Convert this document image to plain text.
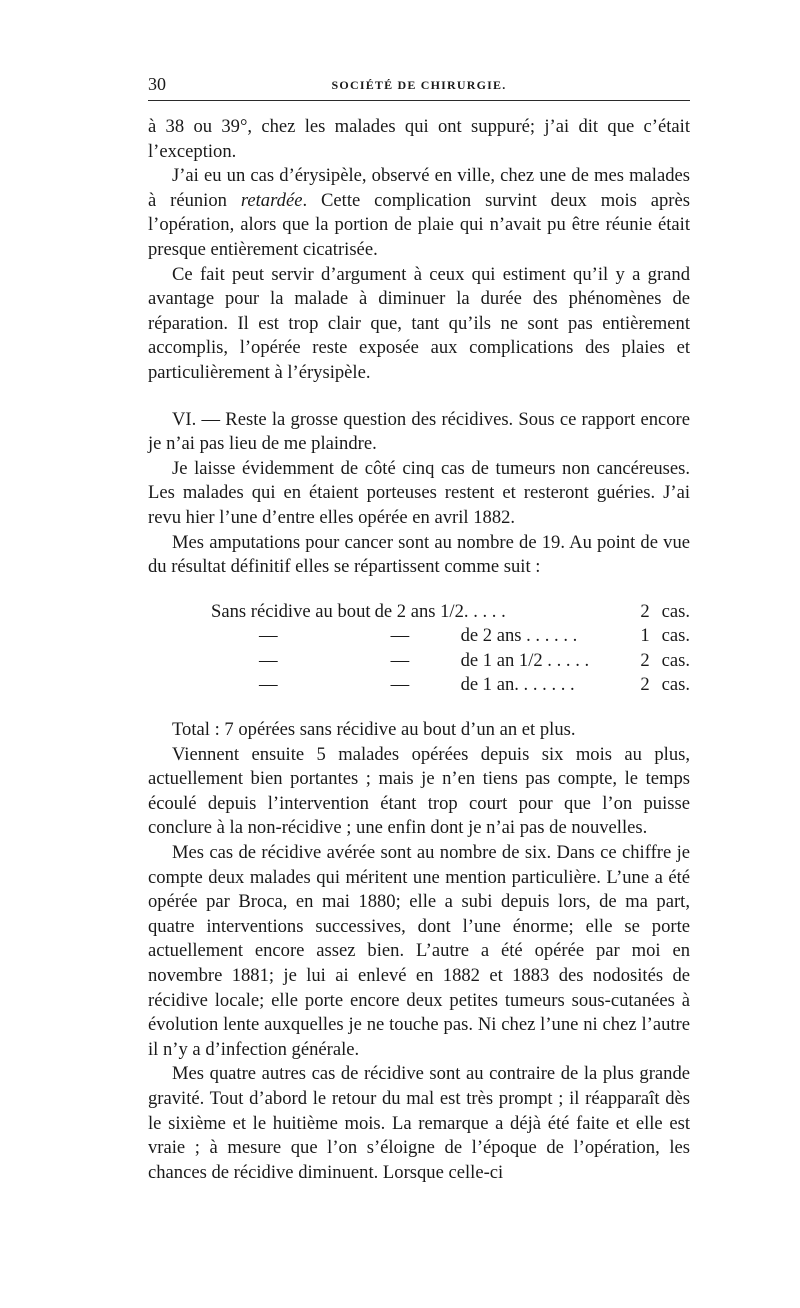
30	SOCIÉTÉ DE CHIRURGIE.

à 38 ou 39°, chez les malades qui ont suppuré; j’ai dit que c’était l’exception.

J’ai eu un cas d’érysipèle, observé en ville, chez une de mes malades à réunion retardée. Cette complication survint deux mois après l’opération, alors que la portion de plaie qui n’avait pu être réunie était presque entièrement cicatrisée.

Ce fait peut servir d’argument à ceux qui estiment qu’il y a grand avantage pour la malade à diminuer la durée des phénomènes de réparation. Il est trop clair que, tant qu’ils ne sont pas entièrement accomplis, l’opérée reste exposée aux complications des plaies et particulièrement à l’érysipèle.

VI. — Reste la grosse question des récidives. Sous ce rapport encore je n’ai pas lieu de me plaindre.

Je laisse évidemment de côté cinq cas de tumeurs non cancéreuses. Les malades qui en étaient porteuses restent et resteront guéries. J’ai revu hier l’une d’entre elles opérée en avril 1882.

Mes amputations pour cancer sont au nombre de 19. Au point de vue du résultat définitif elles se répartissent comme suit :

Sans récidive au bout	de 2 ans 1/2. . . . .		2	cas.
—	—	de 2 ans . . . . . .	1	cas.
—	—	de 1 an 1/2 . . . . .	2	cas.
—	—	de 1 an. . . . . . .	2	cas.

Total : 7 opérées sans récidive au bout d’un an et plus.

Viennent ensuite 5 malades opérées depuis six mois au plus, actuellement bien portantes ; mais je n’en tiens pas compte, le temps écoulé depuis l’intervention étant trop court pour que l’on puisse conclure à la non-récidive ; une enfin dont je n’ai pas de nouvelles.

Mes cas de récidive avérée sont au nombre de six. Dans ce chiffre je compte deux malades qui méritent une mention particulière. L’une a été opérée par Broca, en mai 1880; elle a subi depuis lors, de ma part, quatre interventions successives, dont l’une énorme; elle se porte actuellement encore assez bien. L’autre a été opérée par moi en novembre 1881; je lui ai enlevé en 1882 et 1883 des nodosités de récidive locale; elle porte encore deux petites tumeurs sous-cutanées à évolution lente auxquelles je ne touche pas. Ni chez l’une ni chez l’autre il n’y a d’infection générale.

Mes quatre autres cas de récidive sont au contraire de la plus grande gravité. Tout d’abord le retour du mal est très prompt ; il réapparaît dès le sixième et le huitième mois. La remarque a déjà été faite et elle est vraie ; à mesure que l’on s’éloigne de l’époque de l’opération, les chances de récidive diminuent. Lorsque celle-ci
